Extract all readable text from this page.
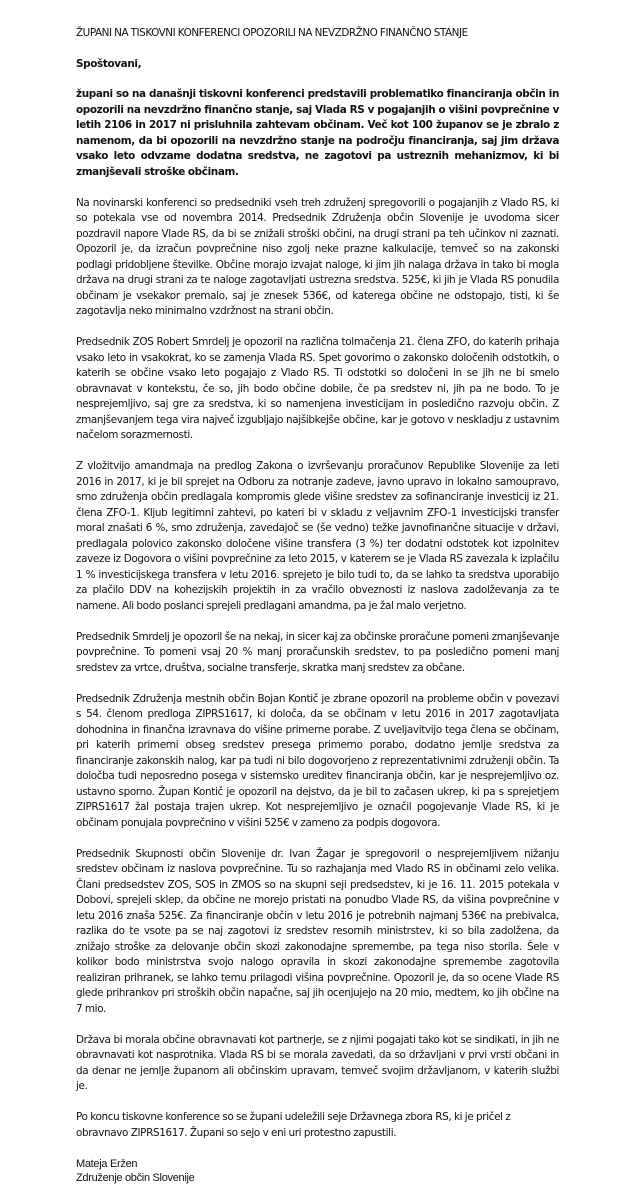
ŽUPANI NA TISKOVNI KONFERENCI OPOZORILI NA NEVZDRŽNO FINANČNO STANJE
Spoštovani,

župani so na današnji tiskovni konferenci predstavili problematiko financiranja občin in opozorili na nevzdržno finančno stanje, saj Vlada RS v pogajanjih o višini povprečnine v letih 2106 in 2017 ni prisluhnila zahtevam občinam. Več kot 100 županov se je zbralo z namenom, da bi opozorili na nevzdržno stanje na področju financiranja, saj jim država vsako leto odvzame dodatna sredstva, ne zagotovi pa ustreznih mehanizmov, ki bi zmanjševali stroške občinam.

Na novinarski konferenci so predsedniki vseh treh združenj spregovorili o pogajanjih z Vlado RS, ki so potekala vse od novembra 2014. Predsednik Združenja občin Slovenije je uvodoma sicer pozdravil napore Vlade RS, da bi se znižali stroški občini, na drugi strani pa teh učinkov ni zaznati. Opozoril je, da izračun povprečnine niso zgolj neke prazne kalkulacije, temveč so na zakonski podlagi pridobljene številke. Občine morajo izvajat naloge, ki jim jih nalaga država in tako bi mogla država na drugi strani za te naloge zagotavljati ustrezna sredstva. 525€, ki jih je Vlada RS ponudila občinam je vsekakor premalo, saj je znesek 536€, od katerega občine ne odstopajo, tisti, ki še zagotavlja neko minimalno vzdržnost na strani občin.

Predsednik ZOS Robert Smrdelj je opozoril na različna tolmačenja 21. člena ZFO, do katerih prihaja vsako leto in vsakokrat, ko se zamenja Vlada RS. Spet govorimo o zakonsko določenih odstotkih, o katerih se občine vsako leto pogajajo z Vlado RS. Ti odstotki so določeni in se jih ne bi smelo obravnavat v kontekstu, če so, jih bodo občine dobile, če pa sredstev ni, jih pa ne bodo. To je nesprejemljivo, saj gre za sredstva, ki so namenjena investicijam in posledično razvoju občin. Z zmanjševanjem tega vira največ izgubljajo najšibkejše občine, kar je gotovo v neskladju z ustavnim načelom sorazmernosti.

Z vložitvijo amandmaja na predlog Zakona o izvrševanju proračunov Republike Slovenije za leti 2016 in 2017, ki je bil sprejet na Odboru za notranje zadeve, javno upravo in lokalno samoupravo, smo združenja občin predlagala kompromis glede višine sredstev za sofinanciranje investicij iz 21. člena ZFO-1. Kljub legitimni zahtevi, po kateri bi v skladu z veljavnim ZFO-1 investicijski transfer moral znašati 6 %, smo združenja, zavedajoč se (še vedno) težke javnofinančne situacije v državi, predlagala polovico zakonsko določene višine transfera (3 %) ter dodatni odstotek kot izpolnitev zaveze iz Dogovora o višini povprečnine za leto 2015, v katerem se je Vlada RS zavezala k izplačilu 1 % investicijskega transfera v letu 2016. sprejeto je bilo tudi to, da se lahko ta sredstva uporabijo za plačilo DDV na kohezijskih projektih in za vračilo obveznosti iz naslova zadolževanja za te namene. Ali bodo poslanci sprejeli predlagani amandma, pa je žal malo verjetno.

Predsednik Smrdelj je opozoril še na nekaj, in sicer kaj za občinske proračune pomeni zmanjševanje povprečnine. To pomeni vsaj 20 % manj proračunskih sredstev, to pa posledično pomeni manj sredstev za vrtce, društva, socialne transferje, skratka manj sredstev za občane.

Predsednik Združenja mestnih občin Bojan Kontič je zbrane opozoril na probleme občin v povezavi s 54. členom predloga ZIPRS1617, ki določa, da se občinam v letu 2016 in 2017 zagotavljata dohodnina in finančna izravnava do višine primerne porabe. Z uveljavitvijo tega člena se občinam, pri katerih primerni obseg sredstev presega primerno porabo, dodatno jemlje sredstva za financiranje zakonskih nalog, kar pa tudi ni bilo dogovorjeno z reprezentativnimi združenji občin. Ta določba tudi neposredno posega v sistemsko ureditev financiranja občin, kar je nesprejemljivo oz. ustavno sporno. Župan Kontič je opozoril na dejstvo, da je bil to začasen ukrep, ki pa s sprejetjem ZIPRS1617 žal postaja trajen ukrep. Kot nesprejemljivo je označil pogojevanje Vlade RS, ki je občinam ponujala povprečnino v višini 525€ v zameno za podpis dogovora.

Predsednik Skupnosti občin Slovenije dr. Ivan Žagar je spregovoril o nesprejemljivem nižanju sredstev občinam iz naslova povprečnine. Tu so razhajanja med Vlado RS in občinami zelo velika. Člani predsedstev ZOS, SOS in ZMOS so na skupni seji predsedstev, ki je 16. 11. 2015 potekala v Dobovi, sprejeli sklep, da občine ne morejo pristati na ponudbo Vlade RS, da višina povprečnine v letu 2016 znaša 525€. Za financiranje občin v letu 2016 je potrebnih najmanj 536€ na prebivalca, razlika do te vsote pa se naj zagotovi iz sredstev resornih ministrstev, ki so bila zadolžena, da znižajo stroške za delovanje občin skozi zakonodajne spremembe, pa tega niso storila. Šele v kolikor bodo ministrstva svojo nalogo opravila in skozi zakonodajne spremembe zagotovila realiziran prihranek, se lahko temu prilagodi višina povprečnine. Opozoril je, da so ocene Vlade RS glede prihrankov pri stroških občin napačne, saj jih ocenjujejo na 20 mio, medtem, ko jih občine na 7 mio.

Država bi morala občine obravnavati kot partnerje, se z njimi pogajati tako kot se sindikati, in jih ne obravnavati kot nasprotnika. Vlada RS bi se morala zavedati, da so državljani v prvi vrsti občani in da denar ne jemlje županom ali občinskim upravam, temveč svojim državljanom, v katerih službi je.

Po koncu tiskovne konference so se župani udeležili seje Državnega zbora RS, ki je pričel z obravnavo ZIPRS1617. Župani so sejo v eni uri protestno zapustili.

Mateja Eržen
Združenje občin Slovenije
